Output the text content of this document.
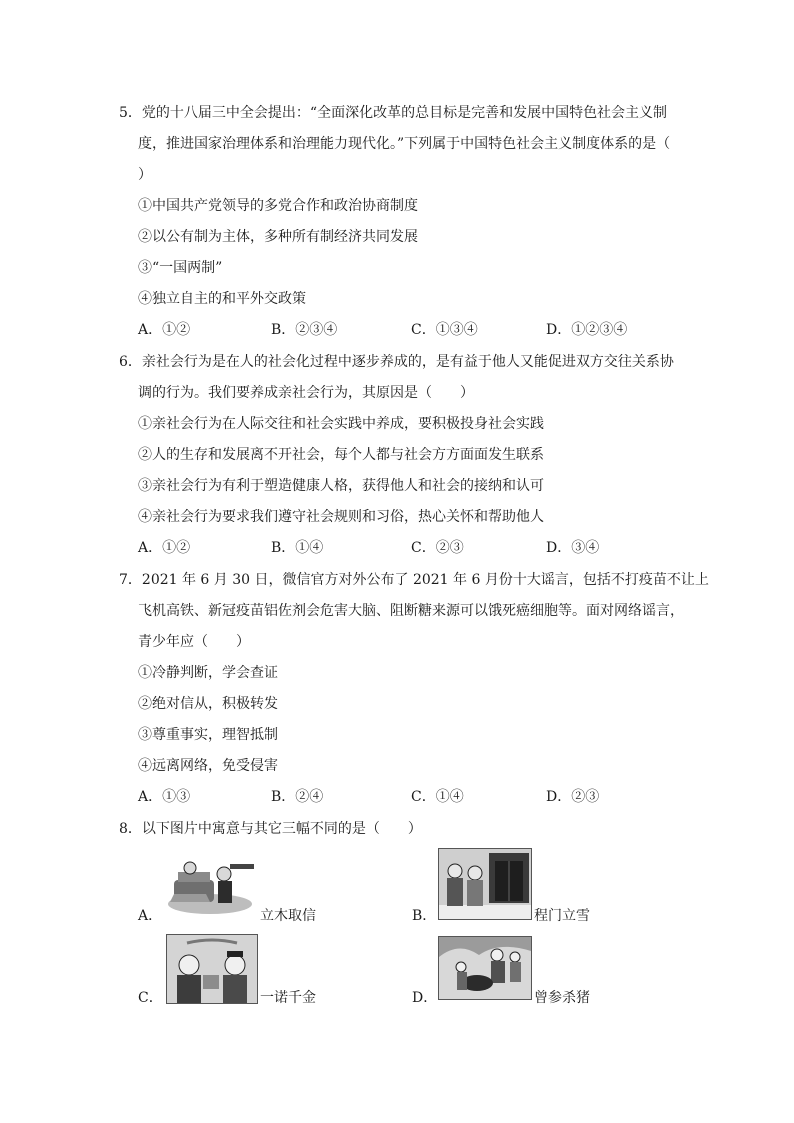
5．党的十八届三中全会提出：“全面深化改革的总目标是完善和发展中国特色社会主义制
度，推进国家治理体系和治理能力现代化。”下列属于中国特色社会主义制度体系的是（
）
①中国共产党领导的多党合作和政治协商制度
②以公有制为主体，多种所有制经济共同发展
③“一国两制”
④独立自主的和平外交政策
A．①②	B．②③④	C．①③④	D．①②③④
6．亲社会行为是在人的社会化过程中逐步养成的，是有益于他人又能促进双方交往关系协
调的行为。我们要养成亲社会行为，其原因是（　　）
①亲社会行为在人际交往和社会实践中养成，要积极投身社会实践
②人的生存和发展离不开社会，每个人都与社会方方面面发生联系
③亲社会行为有利于塑造健康人格，获得他人和社会的接纳和认可
④亲社会行为要求我们遵守社会规则和习俗，热心关怀和帮助他人
A．①②	B．①④	C．②③	D．③④
7．2021 年 6 月 30 日，微信官方对外公布了 2021 年 6 月份十大谣言，包括不打疫苗不让上
飞机高铁、新冠疫苗铝佐剂会危害大脑、阻断糖来源可以饿死癌细胞等。面对网络谣言，
青少年应（　　）
①冷静判断，学会查证
②绝对信从，积极转发
③尊重事实，理智抵制
④远离网络，免受侵害
A．①③	B．②④	C．①④	D．②③
8．以下图片中寓意与其它三幅不同的是（　　）
A．	立木取信	B．	程门立雪
C．	一诺千金	D．	曾参杀猪
